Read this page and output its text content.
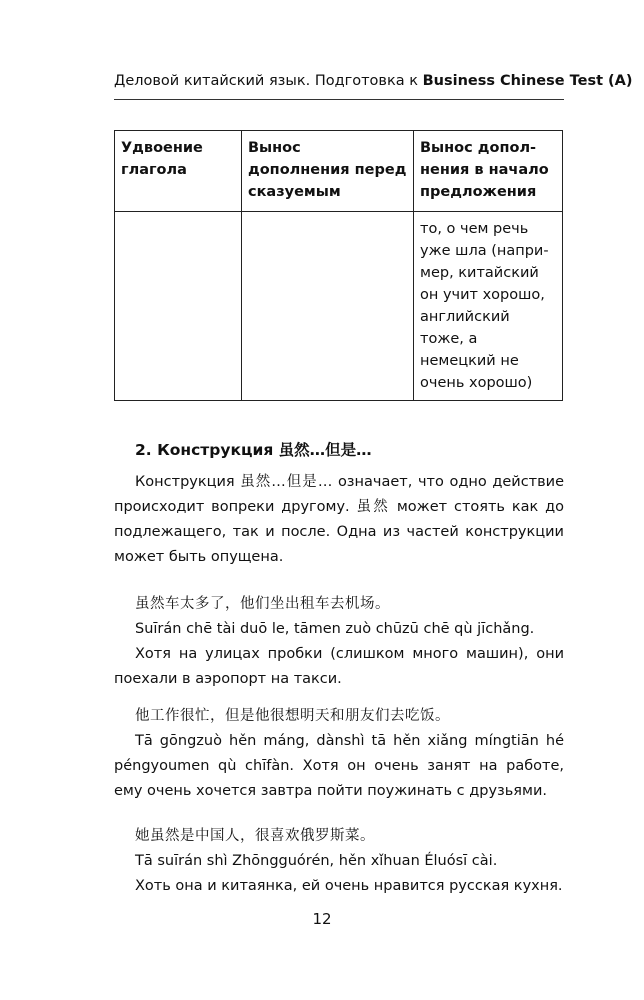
Деловой китайский язык. Подготовка к Business Chinese Test (A)
Удвоение глагола	Вынос дополнения перед сказуемым	Вынос допол-нения в начало предложения
		то, о чем речь уже шла (напри-мер, китайский он учит хорошо, английский тоже, а немецкий не очень хорошо)
2. Конструкция 虽然…但是…
Конструкция 虽然…但是… означает, что одно действие происходит вопреки другому. 虽然 может стоять как до подлежащего, так и после. Одна из частей конструкции может быть опущена.
虽然车太多了，他们坐出租车去机场。
Suīrán chē tài duō le, tāmen zuò chūzū chē qù jīchǎng.
Хотя на улицах пробки (слишком много машин), они поехали в аэропорт на такси.
他工作很忙，但是他很想明天和朋友们去吃饭。
Tā gōngzuò hěn máng, dànshì tā hěn xiǎng míngtiān hé péngyoumen qù chīfàn. Хотя он очень занят на работе, ему очень хочется завтра пойти поужинать с друзьями.
她虽然是中国人，很喜欢俄罗斯菜。
Tā suīrán shì Zhōngguórén, hěn xǐhuan Éluósī cài.
Хоть она и китаянка, ей очень нравится русская кухня.
12
